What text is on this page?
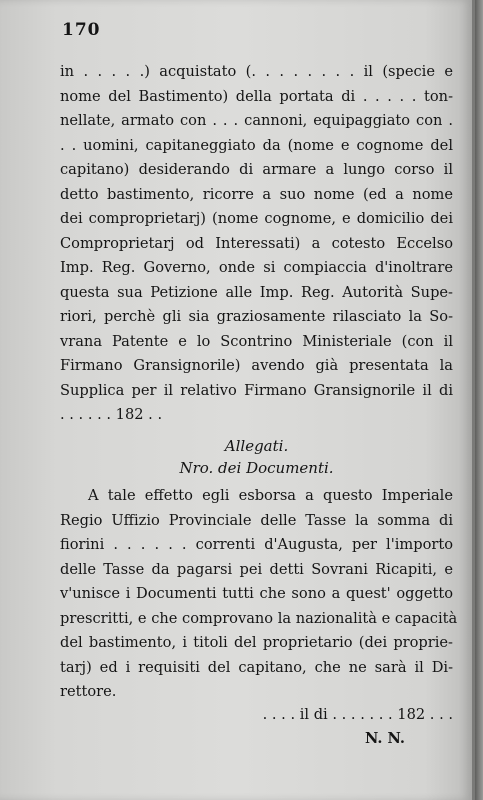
170
in . . . . .) acquistato (. . . . . . . . il (specie e
nome del Bastimento) della portata di . . . . . ton-
nellate, armato con . . . cannoni, equipaggiato con .
. . uomini, capitaneggiato da (nome e cognome del
capitano) desiderando di armare a lungo corso il
detto bastimento, ricorre a suo nome (ed a nome
dei comproprietarj) (nome cognome, e domicilio dei
Comproprietarj od Interessati) a cotesto Eccelso
Imp. Reg. Governo, onde si compiaccia d'inoltrare
questa sua Petizione alle Imp. Reg. Autorità Supe-
riori, perchè gli sia graziosamente rilasciato la So-
vrana Patente e lo Scontrino Ministeriale (con il
Firmano Gransignorile) avendo già presentata la
Supplica per il relativo Firmano Gransignorile il di
. . . . . . 182 . .
Allegati.
Nro. dei Documenti.
A tale effetto egli esborsa a questo Imperiale
Regio Uffizio Provinciale delle Tasse la somma di
fiorini . . . . . . correnti d'Augusta, per l'importo
delle Tasse da pagarsi pei detti Sovrani Ricapiti, e
v'unisce i Documenti tutti che sono a quest' oggetto
prescritti, e che comprovano la nazionalità e capacità
del bastimento, i titoli del proprietario (dei proprie-
tarj) ed i requisiti del capitano, che ne sarà il Di-
rettore.
. . . . il di . . . . . . . 182 . . .
N. N.
